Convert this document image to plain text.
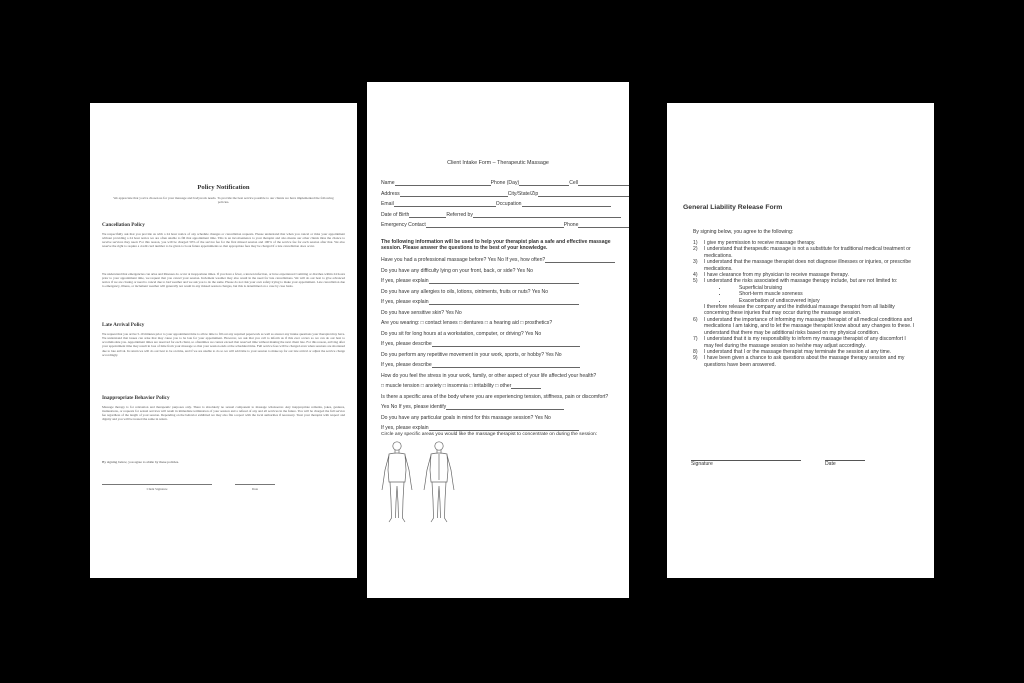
Policy Notification
We appreciate that you've chosen us for your massage and bodywork needs. To provide the best service possible to our clients we have implemented the following policies.
Cancellation Policy
We respectfully ask that you provide us with a 24 hour notice of any schedule changes or cancellation requests. Please understand that when you cancel or miss your appointment without providing a 24 hour notice we are often unable to fill that appointment time. This is an inconvenience to your therapist and also means our other clients miss the chance to receive services they need. For this reason, you will be charged 50% of the service fee for the first missed session and 100% of the service fee for each session after that. We also reserve the right to require a credit card number to be given to book future appointments so that appropriate fees may be charged if a late cancellation does occur.
We understand that emergencies can arise and illnesses do occur at inopportune times. If you have a fever, a known infection, or have experienced vomiting or diarrhea within 24 hours prior to your appointment time, we request that you cancel your session. Inclement weather may also result in the need for late cancellations. We will do our best to give advanced notice if we are closing or need to cancel due to bad weather and we ask you to do the same. Please do not risk your own safety trying to make your appointment. Late cancellation due to emergency, illness, or inclement weather will generally not result in any missed session charges, but this is determined on a case by case basis.
Late Arrival Policy
We request that you arrive 5-10 minutes prior to your appointment time to allow time to fill out any required paperwork as well as answer any intake questions your therapist may have. We understand that issues can arise that may cause you to be late for your appointment. However, we ask that you call to inform us if this ever occurs so we can do our best to accommodate you. Appointment times are reserved for each client, so oftentimes we cannot exceed that reserved time without making the next client late. For this reason, arriving after your appointment time may result in loss of time from your massage so that your session ends at the scheduled time. Full service fees will be charged even when sessions are shortened due to late arrival. In return we will do our best to be on time, and if we are unable to do so we will add time to your session to make up for our late arrival or adjust the service charge accordingly.
Inappropriate Behavior Policy
Massage therapy is for relaxation and therapeutic purposes only. There is absolutely no sexual component to massage whatsoever. Any inappropriate remarks, jokes, gestures, insinuations, or requests for sexual services will result in immediate termination of your session and a refusal of any and all services in the future. You will be charged the full service fee regardless of the length of your session. Depending on the behavior exhibited we may also file a report with the local authorities if necessary. Treat your therapist with respect and dignity and you will be treated the same in return.
By signing below, you agree to abide by these policies.
Client Signature	Date
Client Intake Form – Therapeutic Massage
Name	Phone (Day)	Cell
Address	City/State/Zip
Email	Occupation
Date of Birth	Referred by
Emergency Contact	Phone
The following information will be used to help your therapist plan a safe and effective massage session. Please answer the questions to the best of your knowledge.
Have you had a professional massage before? Yes No If yes, how often?
Do you have any difficulty lying on your front, back, or side? Yes No
If yes, please explain
Do you have any allergies to oils, lotions, ointments, fruits or nuts? Yes No
If yes, please explain
Do you have sensitive skin? Yes No
Are you wearing: □ contact lenses □ dentures □ a hearing aid □ prosthetics?
Do you sit for long hours at a workstation, computer, or driving? Yes No
If yes, please describe
Do you perform any repetitive movement in your work, sports, or hobby? Yes No
If yes, please describe
How do you feel the stress in your work, family, or other aspect of your life affected your health?
□ muscle tension □ anxiety □ insomnia □ irritability □ other
Is there a specific area of the body where you are experiencing tension, stiffness, pain or discomfort?
Yes No If yes, please identify
Do you have any particular goals in mind for this massage session? Yes No
If yes, please explain
Circle any specific areas you would like the massage therapist to concentrate on during the session:
General Liability Release Form
By signing below, you agree to the following:
1) I give my permission to receive massage therapy.
2) I understand that therapeutic massage is not a substitute for traditional medical treatment or medications.
3) I understand that the massage therapist does not diagnose illnesses or injuries, or prescribe medications.
4) I have clearance from my physician to receive massage therapy.
5) I understand the risks associated with massage therapy include, but are not limited to:
• Superficial bruising
• Short-term muscle soreness
• Exacerbation of undiscovered injury
I therefore release the company and the individual massage therapist from all liability concerning these injuries that may occur during the massage session.
6) I understand the importance of informing my massage therapist of all medical conditions and medications I am taking, and to let the massage therapist know about any changes to these. I understand that there may be additional risks based on my physical condition.
7) I understand that it is my responsibility to inform my massage therapist of any discomfort I may feel during the massage session so he/she may adjust accordingly.
8) I understand that I or the massage therapist may terminate the session at any time.
9) I have been given a chance to ask questions about the massage therapy session and my questions have been answered.
Signature	Date
